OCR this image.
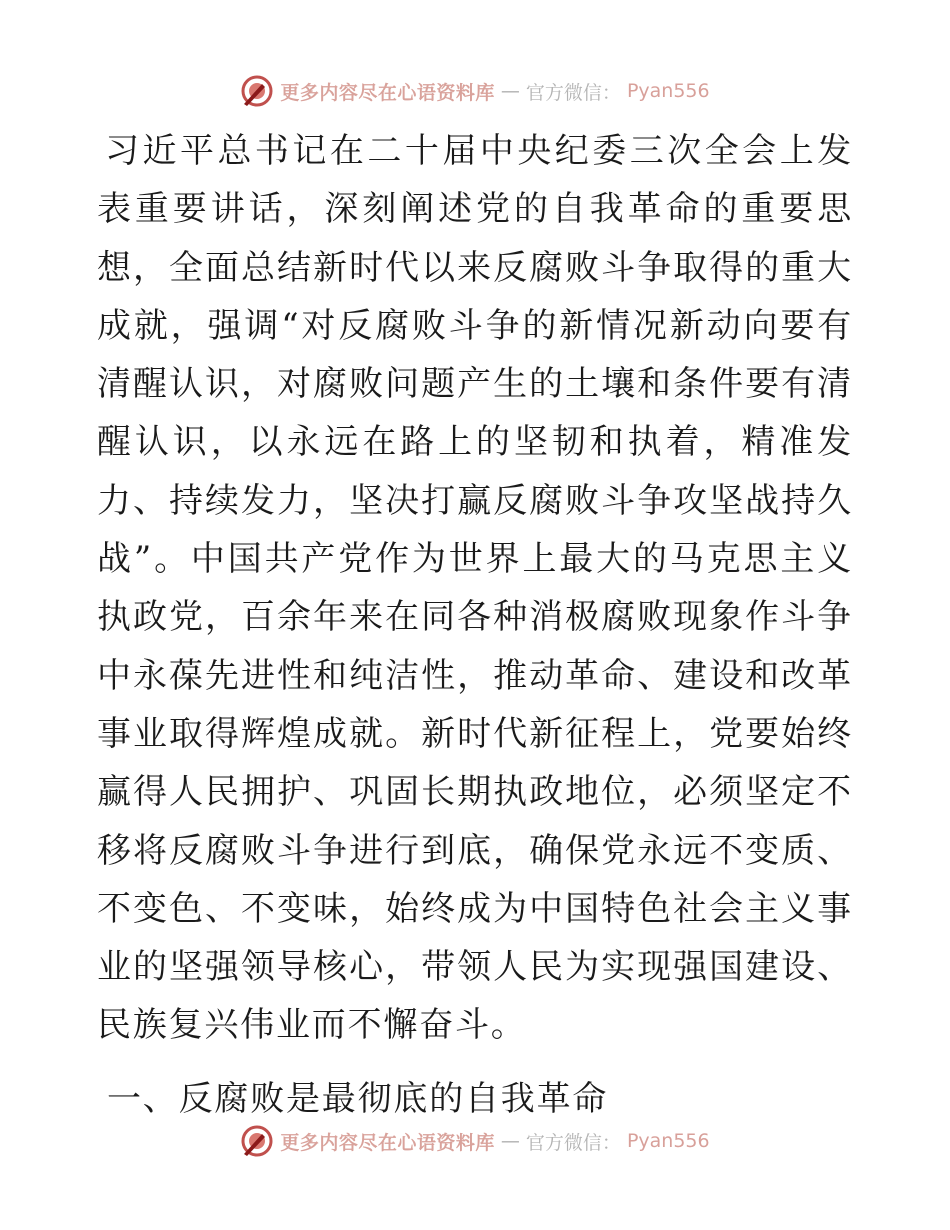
更多内容尽在心语资料库 — 官方微信： Pyan556

习近平总书记在二十届中央纪委三次全会上发表重要讲话，深刻阐述党的自我革命的重要思想，全面总结新时代以来反腐败斗争取得的重大成就，强调“对反腐败斗争的新情况新动向要有清醒认识，对腐败问题产生的土壤和条件要有清醒认识，以永远在路上的坚韧和执着，精准发力、持续发力，坚决打赢反腐败斗争攻坚战持久战”。中国共产党作为世界上最大的马克思主义执政党，百余年来在同各种消极腐败现象作斗争中永葆先进性和纯洁性，推动革命、建设和改革事业取得辉煌成就。新时代新征程上，党要始终赢得人民拥护、巩固长期执政地位，必须坚定不移将反腐败斗争进行到底，确保党永远不变质、不变色、不变味，始终成为中国特色社会主义事业的坚强领导核心，带领人民为实现强国建设、民族复兴伟业而不懈奋斗。

一、反腐败是最彻底的自我革命
更多内容尽在心语资料库 — 官方微信： Pyan556
